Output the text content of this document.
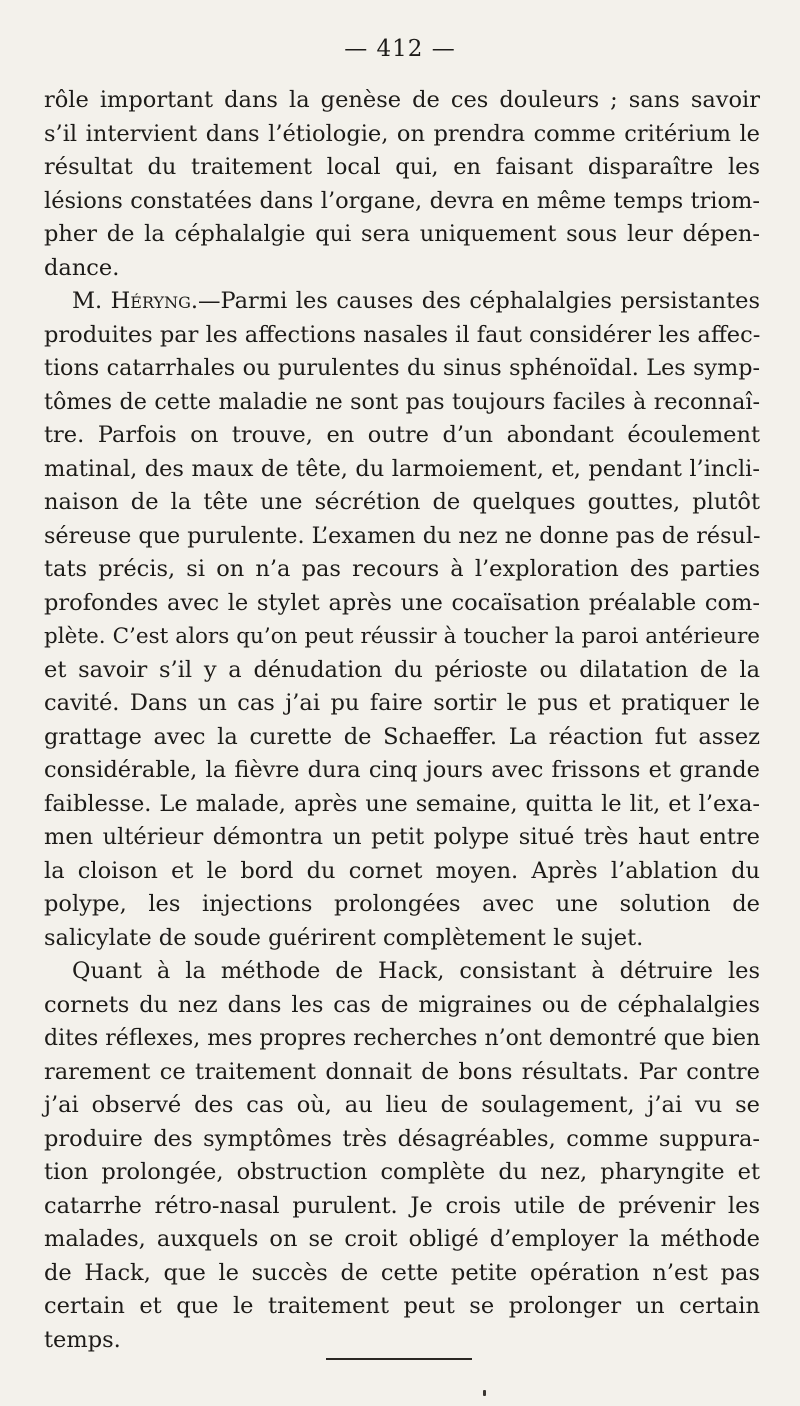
— 412 —
rôle important dans la genèse de ces douleurs ; sans savoir
s’il intervient dans l’étiologie, on prendra comme critérium le
résultat du traitement local qui, en faisant disparaître les
lésions constatées dans l’organe, devra en même temps triom-
pher de la céphalalgie qui sera uniquement sous leur dépen-
dance.
M. Héryng.—Parmi les causes des céphalalgies persistantes
produites par les affections nasales il faut considérer les affec-
tions catarrhales ou purulentes du sinus sphénoïdal. Les symp-
tômes de cette maladie ne sont pas toujours faciles à reconnaî-
tre. Parfois on trouve, en outre d’un abondant écoulement
matinal, des maux de tête, du larmoiement, et, pendant l’incli-
naison de la tête une sécrétion de quelques gouttes, plutôt
séreuse que purulente. L’examen du nez ne donne pas de résul-
tats précis, si on n’a pas recours à l’exploration des parties
profondes avec le stylet après une cocaïsation préalable com-
plète. C’est alors qu’on peut réussir à toucher la paroi antérieure
et savoir s’il y a dénudation du périoste ou dilatation de la
cavité. Dans un cas j’ai pu faire sortir le pus et pratiquer le
grattage avec la curette de Schaeffer. La réaction fut assez
considérable, la fièvre dura cinq jours avec frissons et grande
faiblesse. Le malade, après une semaine, quitta le lit, et l’exa-
men ultérieur démontra un petit polype situé très haut entre
la cloison et le bord du cornet moyen. Après l’ablation du
polype, les injections prolongées avec une solution de
salicylate de soude guérirent complètement le sujet.
Quant à la méthode de Hack, consistant à détruire les
cornets du nez dans les cas de migraines ou de céphalalgies
dites réflexes, mes propres recherches n’ont demontré que bien
rarement ce traitement donnait de bons résultats. Par contre
j’ai observé des cas où, au lieu de soulagement, j’ai vu se
produire des symptômes très désagréables, comme suppura-
tion prolongée, obstruction complète du nez, pharyngite et
catarrhe rétro-nasal purulent. Je crois utile de prévenir les
malades, auxquels on se croit obligé d’employer la méthode
de Hack, que le succès de cette petite opération n’est pas
certain et que le traitement peut se prolonger un certain
temps.
